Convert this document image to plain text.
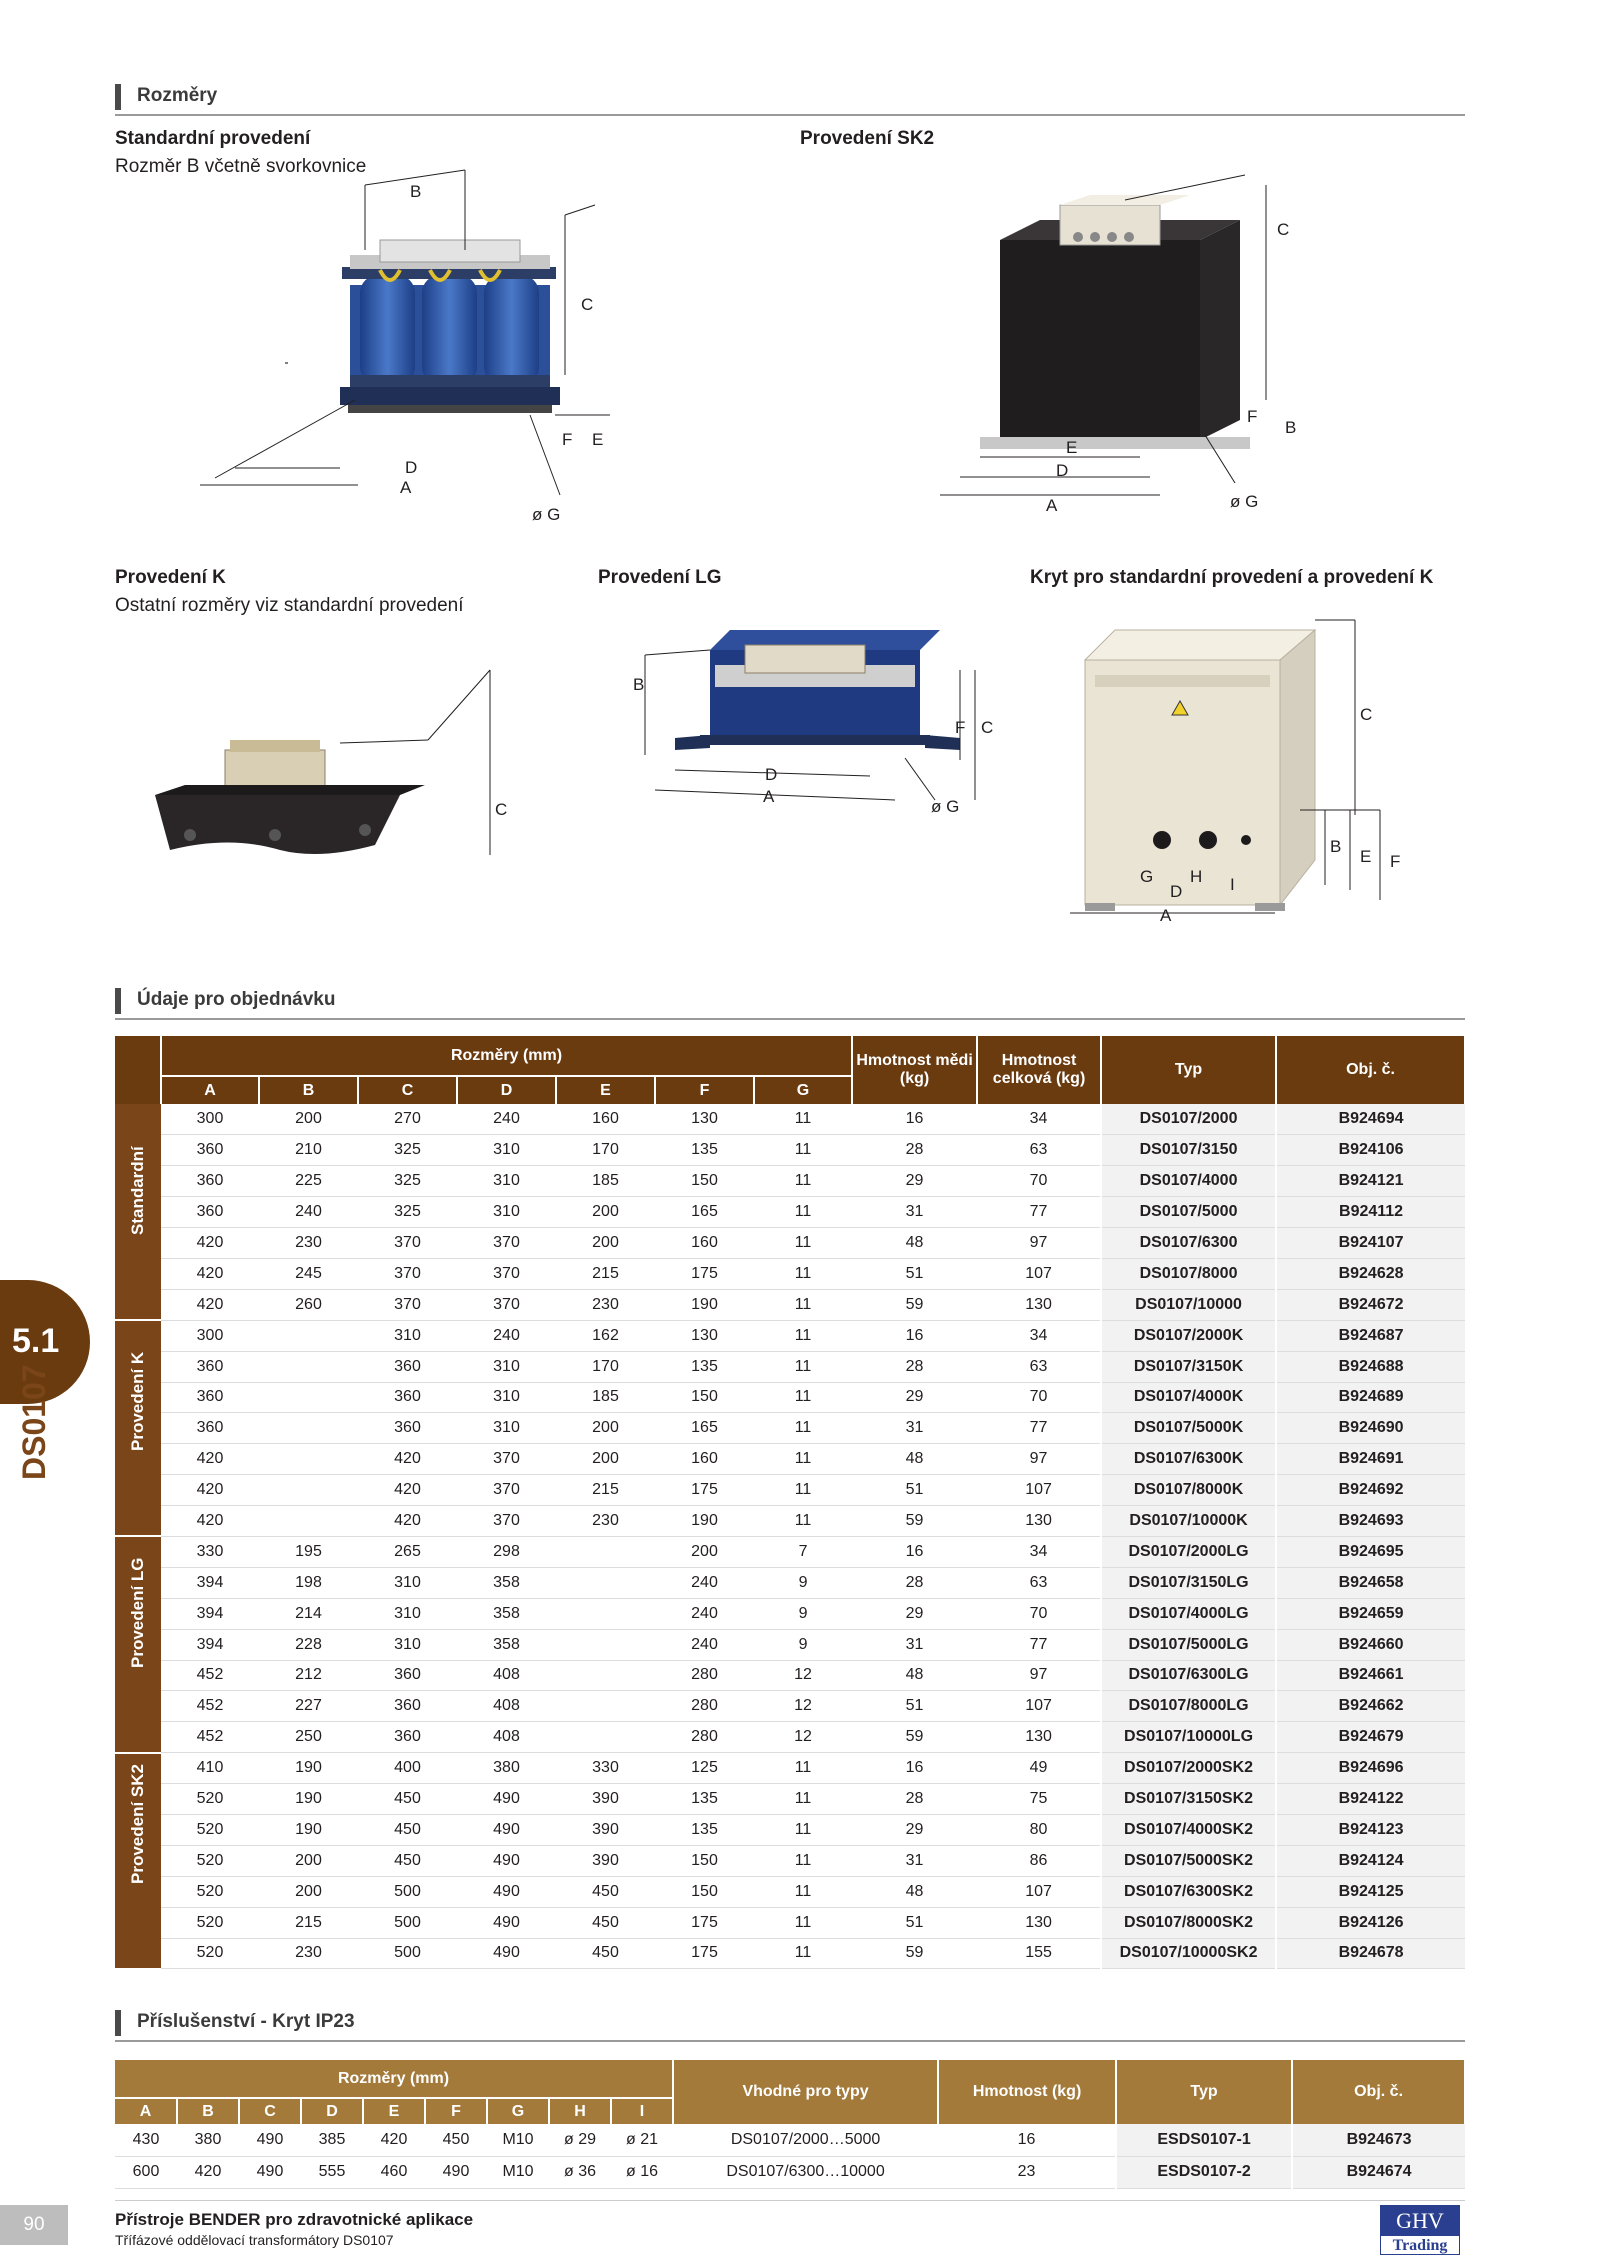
Rozměry
Standardní provedení
Rozměr B včetně svorkovnice
Provedení SK2
A
D
B
C
F E
ø G
C
F
B
E
D
A	ø G
Provedení K
Ostatní rozměry viz standardní provedení
Provedení LG	Kryt pro standardní provedení a provedení K
C
B
F C
D
A
ø G
C
B
E F
G H I
D
A
Údaje pro objednávku
	Rozměry (mm)							Hmotnost mědi (kg)	Hmotnost celková (kg)	Typ	Obj. č.
	A	B	C	D	E	F	G				

Standardní	300	200	270	240	160	130	11	16	34	DS0107/2000	B924694
	360	210	325	310	170	135	11	28	63	DS0107/3150	B924106
	360	225	325	310	185	150	11	29	70	DS0107/4000	B924121
	360	240	325	310	200	165	11	31	77	DS0107/5000	B924112
	420	230	370	370	200	160	11	48	97	DS0107/6300	B924107
	420	245	370	370	215	175	11	51	107	DS0107/8000	B924628
	420	260	370	370	230	190	11	59	130	DS0107/10000	B924672

Provedení K	300		310	240	162	130	11	16	34	DS0107/2000K	B924687
	360		360	310	170	135	11	28	63	DS0107/3150K	B924688
	360		360	310	185	150	11	29	70	DS0107/4000K	B924689
	360		360	310	200	165	11	31	77	DS0107/5000K	B924690
	420		420	370	200	160	11	48	97	DS0107/6300K	B924691
	420		420	370	215	175	11	51	107	DS0107/8000K	B924692
	420		420	370	230	190	11	59	130	DS0107/10000K	B924693

Provedení LG	330	195	265	298		200	7	16	34	DS0107/2000LG	B924695
	394	198	310	358		240	9	28	63	DS0107/3150LG	B924658
	394	214	310	358		240	9	29	70	DS0107/4000LG	B924659
	394	228	310	358		240	9	31	77	DS0107/5000LG	B924660
	452	212	360	408		280	12	48	97	DS0107/6300LG	B924661
	452	227	360	408		280	12	51	107	DS0107/8000LG	B924662
	452	250	360	408		280	12	59	130	DS0107/10000LG	B924679

Provedení SK2	410	190	400	380	330	125	11	16	49	DS0107/2000SK2	B924696
	520	190	450	490	390	135	11	28	75	DS0107/3150SK2	B924122
	520	190	450	490	390	135	11	29	80	DS0107/4000SK2	B924123
	520	200	450	490	390	150	11	31	86	DS0107/5000SK2	B924124
	520	200	500	490	450	150	11	48	107	DS0107/6300SK2	B924125
	520	215	500	490	450	175	11	51	130	DS0107/8000SK2	B924126
	520	230	500	490	450	175	11	59	155	DS0107/10000SK2	B924678
Příslušenství - Kryt IP23
Rozměry (mm)									Vhodné pro typy	Hmotnost (kg)	Typ	Obj. č.
A	B	C	D	E	F	G	H	I				
430	380	490	385	420	450	M10	ø 29	ø 21	DS0107/2000…5000	16	ESDS0107-1	B924673
600	420	490	555	460	490	M10	ø 36	ø 16	DS0107/6300…10000	23	ESDS0107-2	B924674
5.1
DS0107
90	Přístroje BENDER pro zdravotnické aplikace
Třífázové oddělovací transformátory DS0107
GHV
Trading
